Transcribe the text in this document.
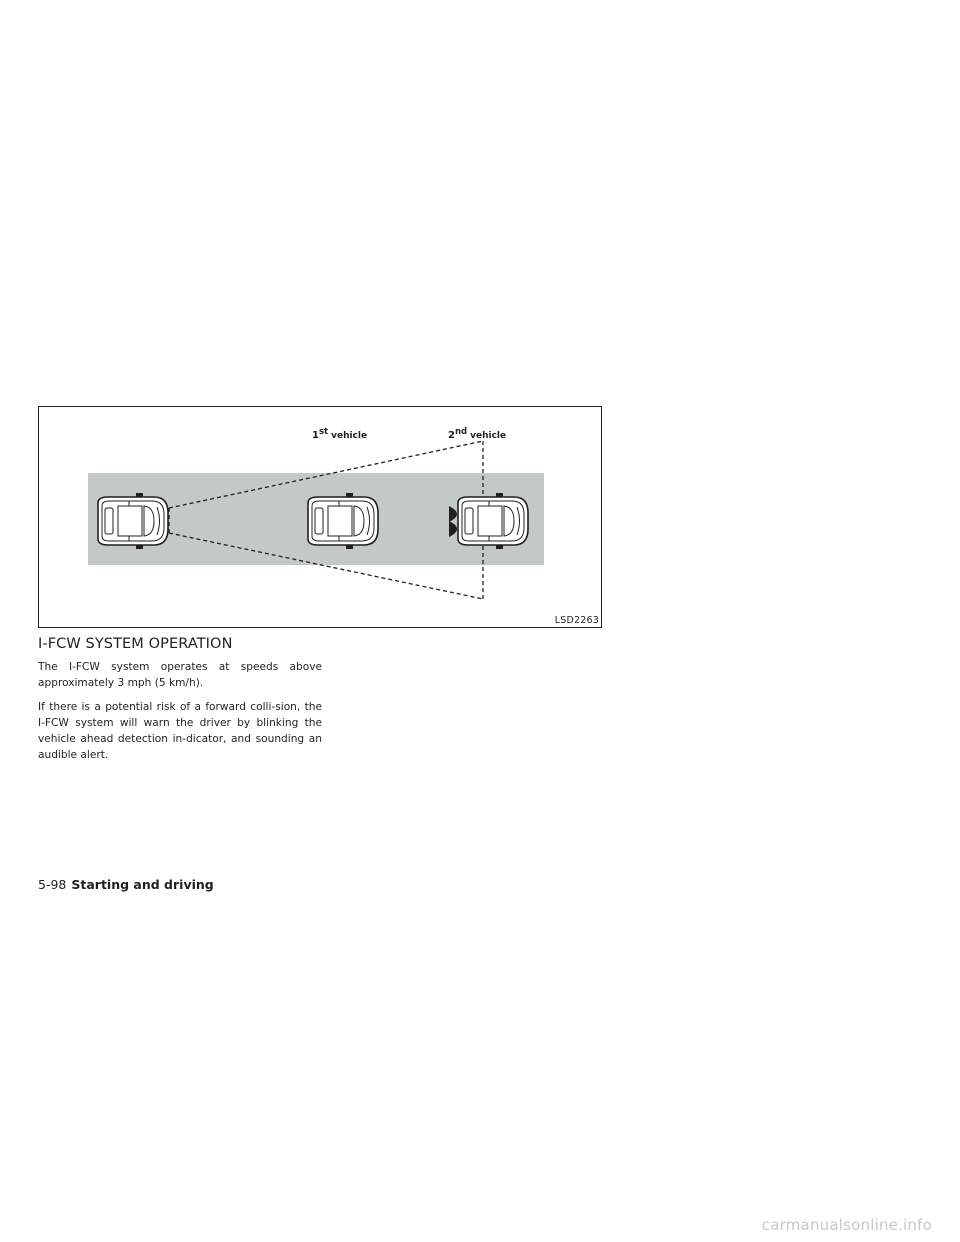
1st vehicle	2nd vehicle
LSD2263
I-FCW SYSTEM OPERATION

The I-FCW system operates at speeds above approximately 3 mph (5 km/h).

If there is a potential risk of a forward colli-sion, the I-FCW system will warn the driver by blinking the vehicle ahead detection in-dicator, and sounding an audible alert.

5-98 Starting and driving
carmanualsonline.info
